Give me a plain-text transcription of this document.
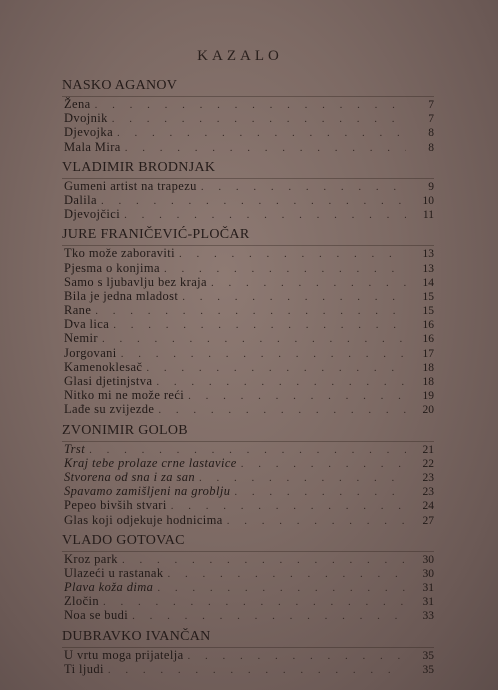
KAZALO
NASKO AGANOV
Žena . . .	7
Dvojnik . . .	7
Djevojka . . .	8
Mala Mira . . .	8
VLADIMIR BRODNJAK
Gumeni artist na trapezu . . .	9
Dalila . . .	10
Djevojčici . . .	11
JURE FRANIČEVIĆ-PLOČAR
Tko može zaboraviti . . .	13
Pjesma o konjima . . .	13
Samo s ljubavlju bez kraja . . .	14
Bila je jedna mladost . . .	15
Rane . . .	15
Dva lica . . .	16
Nemir . . .	16
Jorgovani . . .	17
Kamenoklesač . . .	18
Glasi djetinjstva . . .	18
Nitko mi ne može reći . . .	19
Lađe su zvijezde . . .	20
ZVONIMIR GOLOB
Trst . . .	21
Kraj tebe prolaze crne lastavice . . .	22
Stvorena od sna i za san . . .	23
Spavamo zamišljeni na groblju . . .	23
Pepeo bivših stvari . . .	24
Glas koji odjekuje hodnicima . . .	27
VLADO GOTOVAC
Kroz park . . .	30
Ulazeći u rastanak . . .	30
Plava koža dima . . .	31
Zločin . . .	31
Noa se budi . . .	33
DUBRAVKO IVANČAN
U vrtu moga prijatelja . . .	35
Ti ljudi . . .	35
